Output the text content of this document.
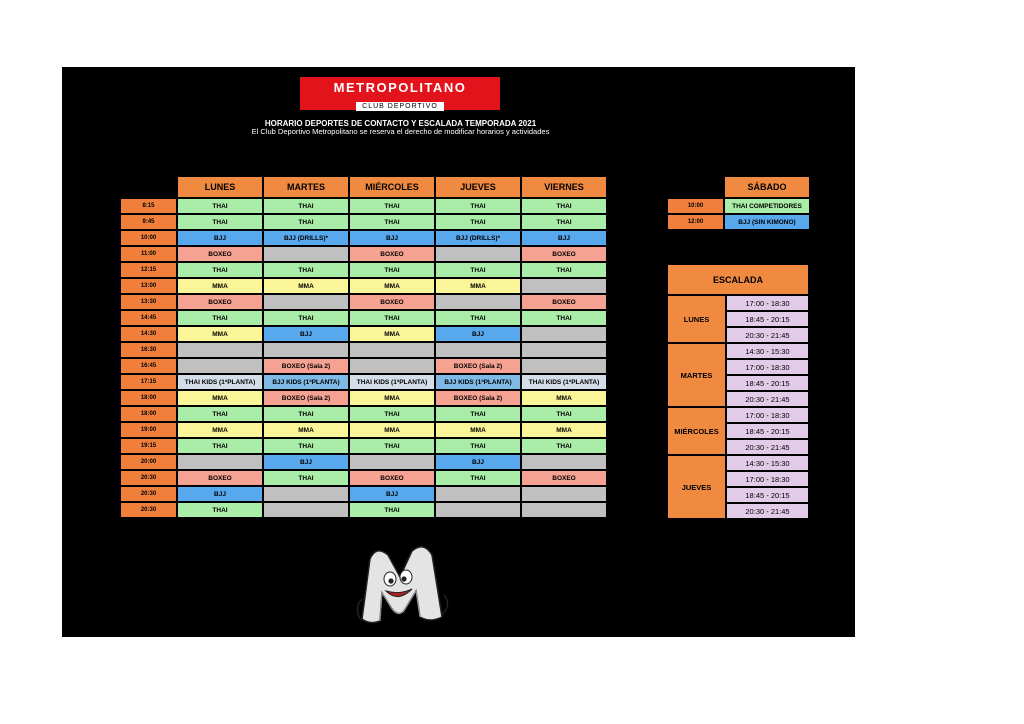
METROPOLITANO
CLUB DEPORTIVO
HORARIO DEPORTES DE CONTACTO Y ESCALADA TEMPORADA 2021
El Club Deportivo Metropolitano se reserva el derecho de modificar horarios y actividades
	LUNES	MARTES	MIÉRCOLES	JUEVES	VIERNES
8:15	THAI	THAI	THAI	THAI	THAI
9:45	THAI	THAI	THAI	THAI	THAI
10:00	BJJ	BJJ (DRILLS)*	BJJ	BJJ (DRILLS)*	BJJ
11:00	BOXEO		BOXEO		BOXEO
12:15	THAI	THAI	THAI	THAI	THAI
13:00	MMA	MMA	MMA	MMA	
13:30	BOXEO		BOXEO		BOXEO
14:45	THAI	THAI	THAI	THAI	THAI
14:30	MMA	BJJ	MMA	BJJ	
16:30					
16:45		BOXEO (Sala 2)		BOXEO (Sala 2)	
17:15	THAI KIDS (1ªPLANTA)	BJJ KIDS (1ªPLANTA)	THAI KIDS (1ªPLANTA)	BJJ KIDS (1ªPLANTA)	THAI KIDS (1ªPLANTA)
18:00	MMA	BOXEO (Sala 2)	MMA	BOXEO (Sala 2)	MMA
18:00	THAI	THAI	THAI	THAI	THAI
19:00	MMA	MMA	MMA	MMA	MMA
19:15	THAI	THAI	THAI	THAI	THAI
20:00		BJJ		BJJ	
20:30	BOXEO	THAI	BOXEO	THAI	BOXEO
20:30	BJJ		BJJ		
20:30	THAI		THAI		
	SÁBADO
10:00	THAI COMPETIDORES
12:00	BJJ (SIN KIMONO)
ESCALADA	
LUNES	17:00 - 18:30
	18:45 - 20:15
	20:30 - 21:45
MARTES	14:30 - 15:30
	17:00 - 18:30
	18:45 - 20:15
	20:30 - 21:45
MIÉRCOLES	17:00 - 18:30
	18:45 - 20:15
	20:30 - 21:45
JUEVES	14:30 - 15:30
	17:00 - 18:30
	18:45 - 20:15
	20:30 - 21:45
